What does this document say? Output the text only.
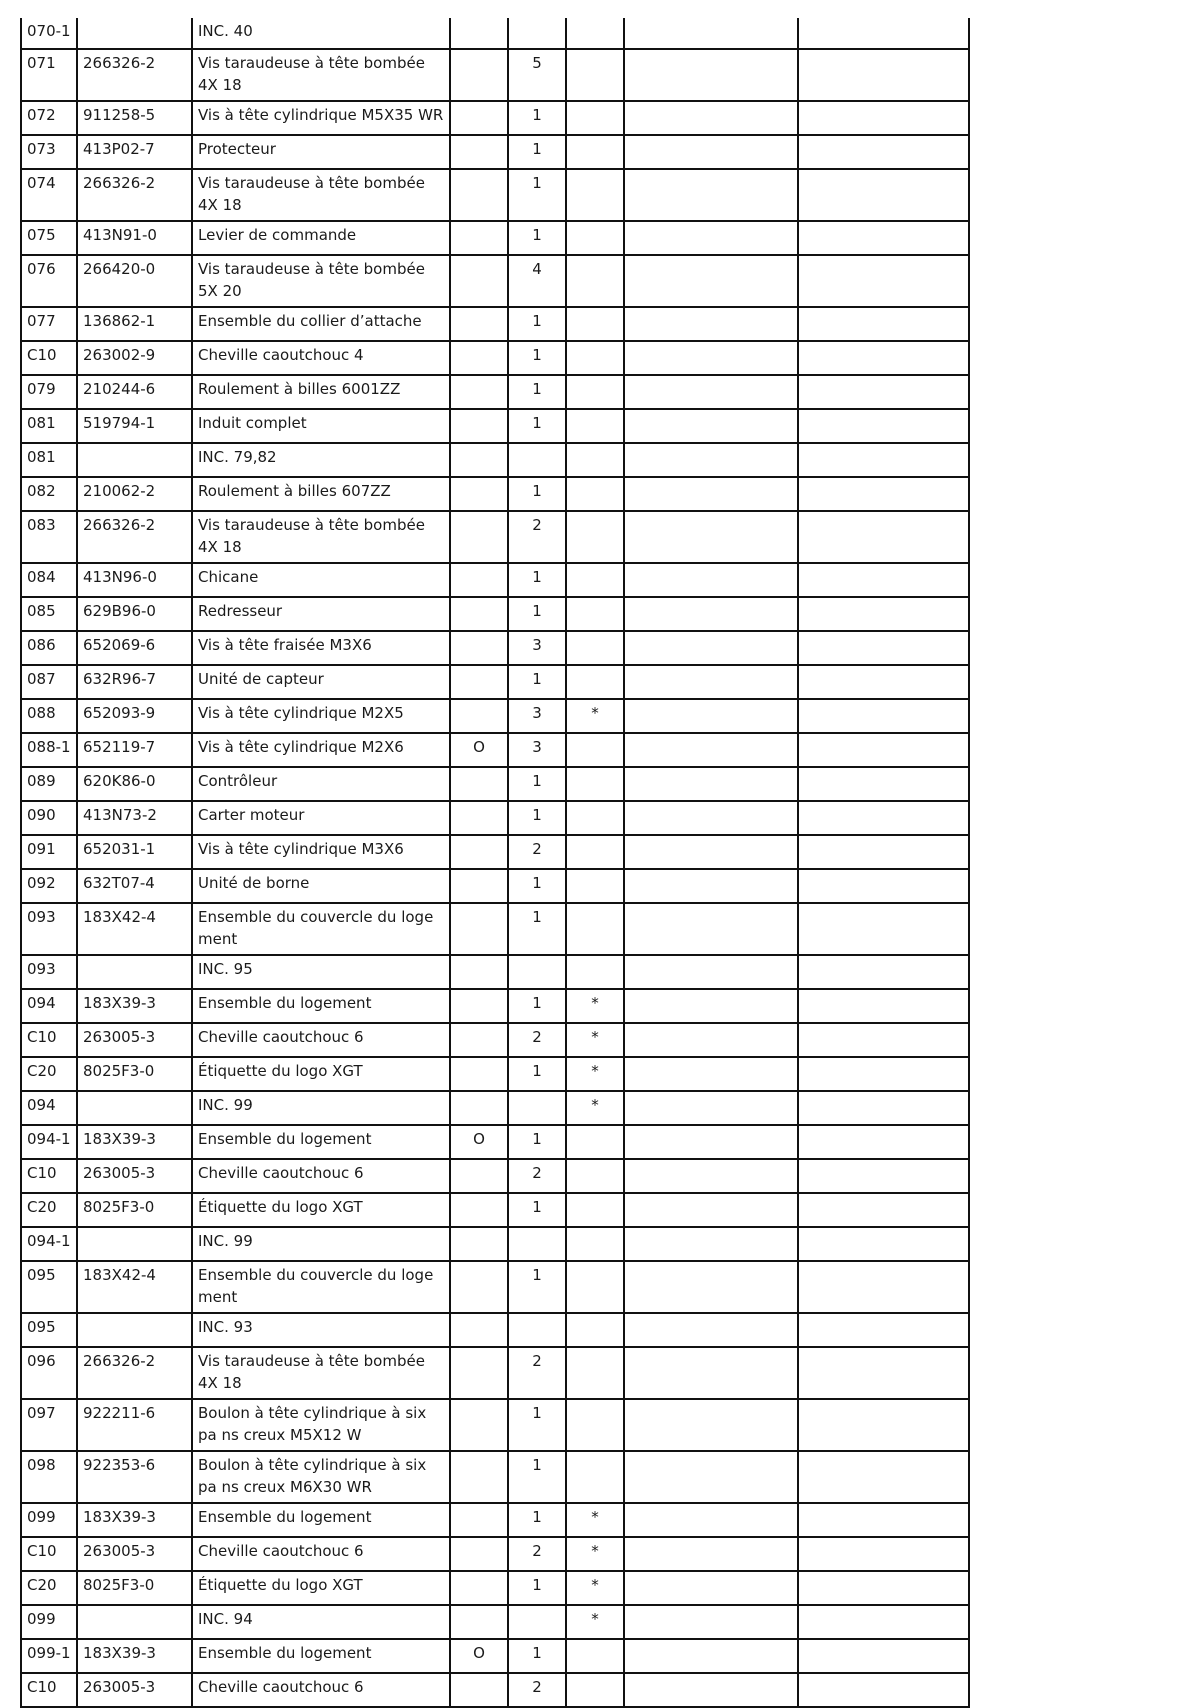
070-1		INC. 40					
071	266326-2	Vis taraudeuse à tête bombée 4X 18		5			
072	911258-5	Vis à tête cylindrique M5X35 WR		1			
073	413P02-7	Protecteur		1			
074	266326-2	Vis taraudeuse à tête bombée 4X 18		1			
075	413N91-0	Levier de commande		1			
076	266420-0	Vis taraudeuse à tête bombée 5X 20		4			
077	136862-1	Ensemble du collier d’attache		1			
C10	263002-9	Cheville caoutchouc 4		1			
079	210244-6	Roulement à billes 6001ZZ		1			
081	519794-1	Induit complet		1			
081		INC. 79,82					
082	210062-2	Roulement à billes 607ZZ		1			
083	266326-2	Vis taraudeuse à tête bombée 4X 18		2			
084	413N96-0	Chicane		1			
085	629B96-0	Redresseur		1			
086	652069-6	Vis à tête fraisée M3X6		3			
087	632R96-7	Unité de capteur		1			
088	652093-9	Vis à tête cylindrique M2X5		3	*		
088-1	652119-7	Vis à tête cylindrique M2X6	O	3			
089	620K86-0	Contrôleur		1			
090	413N73-2	Carter moteur		1			
091	652031-1	Vis à tête cylindrique M3X6		2			
092	632T07-4	Unité de borne		1			
093	183X42-4	Ensemble du couvercle du loge ment		1			
093		INC. 95					
094	183X39-3	Ensemble du logement		1	*		
C10	263005-3	Cheville caoutchouc 6		2	*		
C20	8025F3-0	Étiquette du logo XGT		1	*		
094		INC. 99			*		
094-1	183X39-3	Ensemble du logement	O	1			
C10	263005-3	Cheville caoutchouc 6		2			
C20	8025F3-0	Étiquette du logo XGT		1			
094-1		INC. 99					
095	183X42-4	Ensemble du couvercle du loge ment		1			
095		INC. 93					
096	266326-2	Vis taraudeuse à tête bombée 4X 18		2			
097	922211-6	Boulon à tête cylindrique à six pa ns creux M5X12 W		1			
098	922353-6	Boulon à tête cylindrique à six pa ns creux M6X30 WR		1			
099	183X39-3	Ensemble du logement		1	*		
C10	263005-3	Cheville caoutchouc 6		2	*		
C20	8025F3-0	Étiquette du logo XGT		1	*		
099		INC. 94			*		
099-1	183X39-3	Ensemble du logement	O	1			
C10	263005-3	Cheville caoutchouc 6		2			
